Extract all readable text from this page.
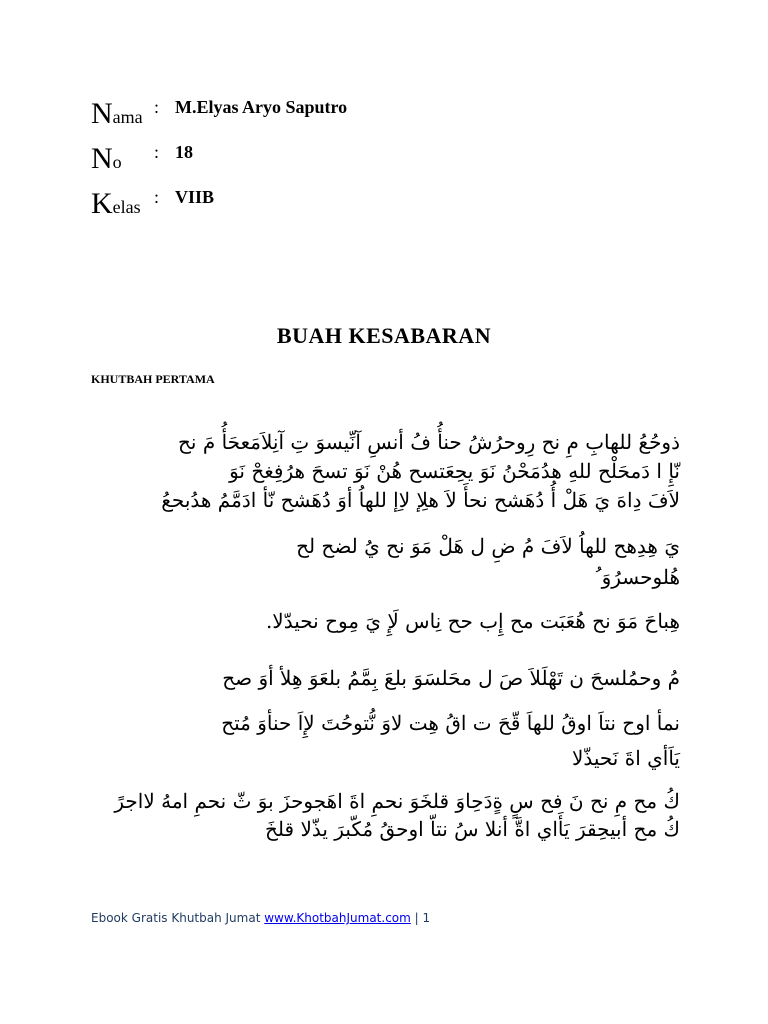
Nama : M.Elyas Aryo Saputro
No : 18
Kelas : VIIB
BUAH KESABARAN
KHUTBAH PERTAMA
ذوحُعُ للهابِ مِ نح رِوحرُشُ حنأُ فُ أنسِ آنِّيسوَ تِ آنِلاَمَعحَأُ مَ نح
نّإِ ا دَمحَلْح للهِ هدُمَحْنُ نَوَ يحِعَتسح هُنْ نَوَ تسحَ هرُفِغحْ نَوَ
لاَفَ دِاهَ يَ هَلْ أُ دُهَشح نحأَ لاَ هلِإ لاِإ للهاُ أوَ دُهَشح نّأ ادَمَّمُ هدُبحعُ
يَ هِدِهح للهاُ لاَفَ مُ ضِ ل هَلْ مَوَ نح يُ لضح لح
هُلوحسرُوَ ُ
هِباحَ مَوَ نح هُعَبَت مح إِب حح نِاس لَإِ يَ مِوح نحيدّلا.
مُ وحمُلسحَ ن تَهْلَلاَ صَ ل محَلسَوَ بلعَ بِمَّمُ بلعَوَ هِلأ أوَ صح
نمأ اوح نتاَ اوقُ للهاَ قّحَ ت اقُ هِت لاوَ نُّتوحُتَ لإِاَ حنأوَ مُتح
يَاَأي اةَ نَحيذّلا
كُ مح مِ نح نَ فح سٍ ةٍدَحِاوَ قلخَوَ نحمِ اةَ اهَجوحزَ بوَ ثّ نحمِ امهُ لااجرً
كُ مح أبيحِقرَ يَأَاي اةَّ أنلا سُ نتاّ اوحقُ مُكّبرَ يذّلا قلخَ
Ebook Gratis Khutbah Jumat www.KhotbahJumat.com | 1
